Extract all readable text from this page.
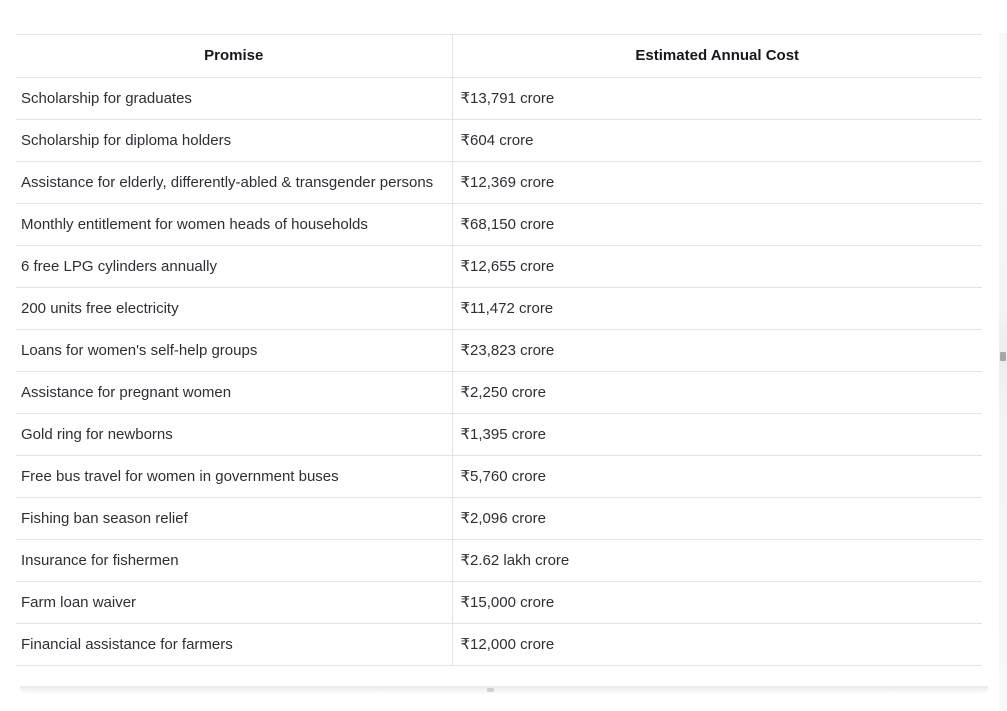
Promise	Estimated Annual Cost
Scholarship for graduates	₹13,791 crore
Scholarship for diploma holders	₹604 crore
Assistance for elderly, differently-abled & transgender persons	₹12,369 crore
Monthly entitlement for women heads of households	₹68,150 crore
6 free LPG cylinders annually	₹12,655 crore
200 units free electricity	₹11,472 crore
Loans for women's self-help groups	₹23,823 crore
Assistance for pregnant women	₹2,250 crore
Gold ring for newborns	₹1,395 crore
Free bus travel for women in government buses	₹5,760 crore
Fishing ban season relief	₹2,096 crore
Insurance for fishermen	₹2.62 lakh crore
Farm loan waiver	₹15,000 crore
Financial assistance for farmers	₹12,000 crore
